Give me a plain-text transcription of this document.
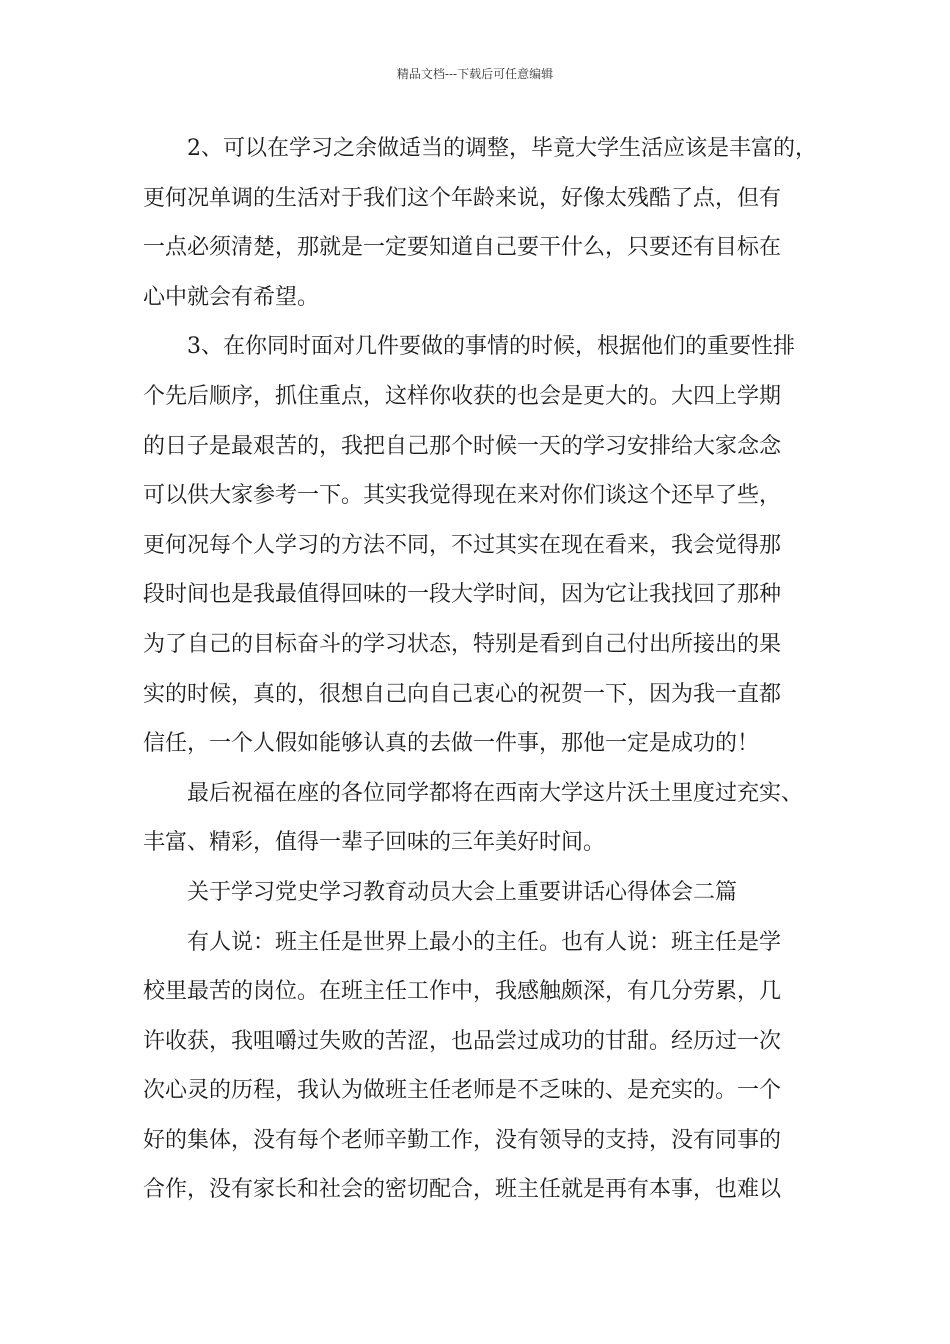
精品文档---下载后可任意编辑
2、可以在学习之余做适当的调整，毕竟大学生活应该是丰富的，
更何况单调的生活对于我们这个年龄来说，好像太残酷了点，但有
一点必须清楚，那就是一定要知道自己要干什么，只要还有目标在
心中就会有希望。
3、在你同时面对几件要做的事情的时候，根据他们的重要性排
个先后顺序，抓住重点，这样你收获的也会是更大的。大四上学期
的日子是最艰苦的，我把自己那个时候一天的学习安排给大家念念
可以供大家参考一下。其实我觉得现在来对你们谈这个还早了些，
更何况每个人学习的方法不同，不过其实在现在看来，我会觉得那
段时间也是我最值得回味的一段大学时间，因为它让我找回了那种
为了自己的目标奋斗的学习状态，特别是看到自己付出所接出的果
实的时候，真的，很想自己向自己衷心的祝贺一下，因为我一直都
信任，一个人假如能够认真的去做一件事，那他一定是成功的！
最后祝福在座的各位同学都将在西南大学这片沃土里度过充实、
丰富、精彩，值得一辈子回味的三年美好时间。
关于学习党史学习教育动员大会上重要讲话心得体会二篇
有人说：班主任是世界上最小的主任。也有人说：班主任是学
校里最苦的岗位。在班主任工作中，我感触颇深，有几分劳累，几
许收获，我咀嚼过失败的苦涩，也品尝过成功的甘甜。经历过一次
次心灵的历程，我认为做班主任老师是不乏味的、是充实的。一个
好的集体，没有每个老师辛勤工作，没有领导的支持，没有同事的
合作，没有家长和社会的密切配合，班主任就是再有本事，也难以
